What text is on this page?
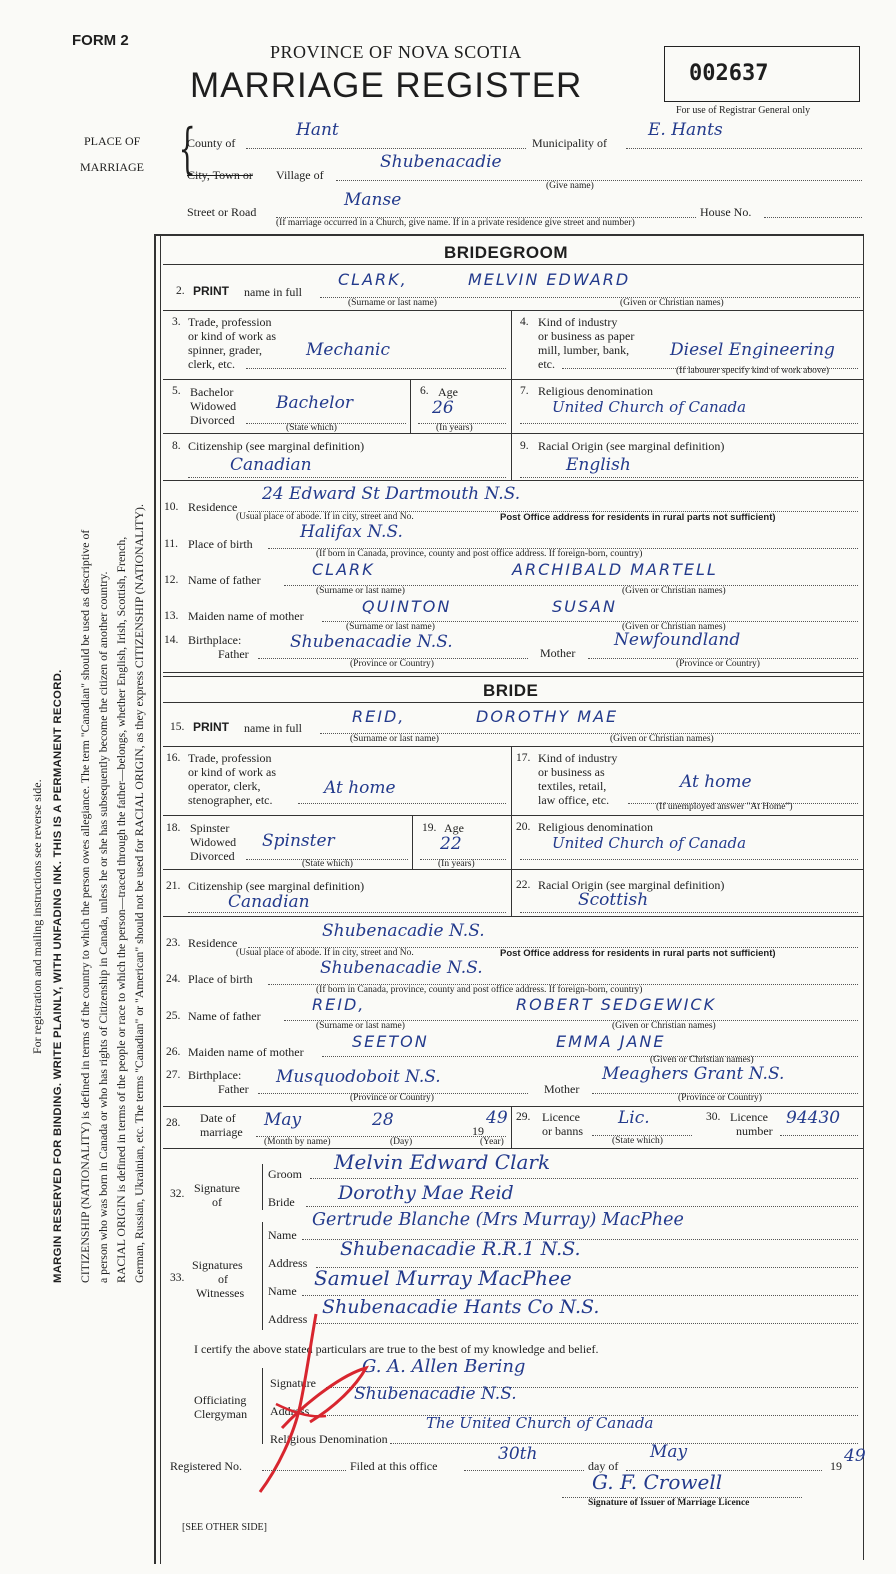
FORM 2
PROVINCE OF NOVA SCOTIA
MARRIAGE REGISTER	002637
For use of Registrar General only
PLACE OF
MARRIAGE {
County of
Hant
Municipality of
E. Hants
City, Town or Village of
Shubenacadie
(Give name)
Street or Road
Manse
House No.
(If marriage occurred in a Church, give name. If in a private residence give street and number)
For registration and mailing instructions see reverse side. MARGIN RESERVED FOR BINDING. WRITE PLAINLY, WITH UNFADING INK. THIS IS A PERMANENT RECORD. CITIZENSHIP (NATIONALITY) is defined in terms of the country to which the person owes allegiance. The term "Canadian" should be used as descriptive of a person who was born in Canada or who has rights of Citizenship in Canada, unless he or she has subsequently become the citizen of another country. RACIAL ORIGIN is defined in terms of the people or race to which the person—traced through the father—belongs, whether English, Irish, Scottish, French, German, Russian, Ukrainian, etc. The terms "Canadian" or "American" should not be used for RACIAL ORIGIN, as they express CITIZENSHIP (NATIONALITY).
BRIDEGROOM
2. PRINT name in full
CLARK,	MELVIN EDWARD
(Surname or last name)	(Given or Christian names)
3. Trade, profession
or kind of work as
spinner, grader,
clerk, etc.
Mechanic
4. Kind of industry
or business as paper
mill, lumber, bank,
etc.
Diesel Engineering
(If labourer specify kind of work above)
5. Bachelor
Widowed
Divorced
Bachelor
(State which)
6. Age
26
(In years)
7. Religious denomination
United Church of Canada
8. Citizenship (see marginal definition)
Canadian
9. Racial Origin (see marginal definition)
English
10. Residence
24 Edward St Dartmouth N.S.
(Usual place of abode. If in city, street and No.	Post Office address for residents in rural parts not sufficient)
11. Place of birth
Halifax N.S.
(If born in Canada, province, county and post office address. If foreign-born, country)
12. Name of father
CLARK	ARCHIBALD MARTELL
(Surname or last name)	(Given or Christian names)
13. Maiden name of mother	QUINTON	SUSAN
(Surname or last name)	(Given or Christian names)
14. Birthplace:
Father
Shubenacadie N.S.
Mother
Newfoundland
(Province or Country)	(Province or Country)
BRIDE
15. PRINT name in full
REID,	DOROTHY MAE
(Surname or last name)	(Given or Christian names)
16. Trade, profession
or kind of work as
operator, clerk,
stenographer, etc.
At home
17. Kind of industry
or business as
textiles, retail,
law office, etc.
At home
(If unemployed answer "At Home")
18. Spinster
Widowed
Divorced
Spinster
(State which)
19. Age
22
(In years)
20. Religious denomination
United Church of Canada
21. Citizenship (see marginal definition)
Canadian
22. Racial Origin (see marginal definition)
Scottish
23. Residence
Shubenacadie N.S.
(Usual place of abode. If in city, street and No.	Post Office address for residents in rural parts not sufficient)
24. Place of birth
Shubenacadie N.S.
(If born in Canada, province, county and post office address. If foreign-born, country)
25. Name of father
REID,	ROBERT SEDGEWICK
(Surname or last name)	(Given or Christian names)
26. Maiden name of mother
SEETON	EMMA JANE
(Given or Christian names)
27. Birthplace:
Father
Musquodoboit N.S.
Mother
Meaghers Grant N.S.
(Province or Country)	(Province or Country)
28. Date of
marriage
May	28
19
49
(Month by name)	(Day)	(Year)
29. Licence
or banns
Lic.
(State which)
30. Licence
number
94430
32. Signature
of
Groom Melvin Edward Clark
Bride Dorothy Mae Reid
33.
Signatures
of
Witnesses
Name
Gertrude Blanche (Mrs Murray) MacPhee
Address
Shubenacadie R.R.1 N.S.
Name
Samuel Murray MacPhee
Address
Shubenacadie Hants Co N.S.
I certify the above stated particulars are true to the best of my knowledge and belief.
Officiating
Clergyman
Signature
G. A. Allen Bering
Address
Shubenacadie N.S.
Religious Denomination
The United Church of Canada
Registered No.	Filed at this office
30th
day of
May
19 49
G. F. Crowell
Signature of Issuer of Marriage Licence
[SEE OTHER SIDE]
